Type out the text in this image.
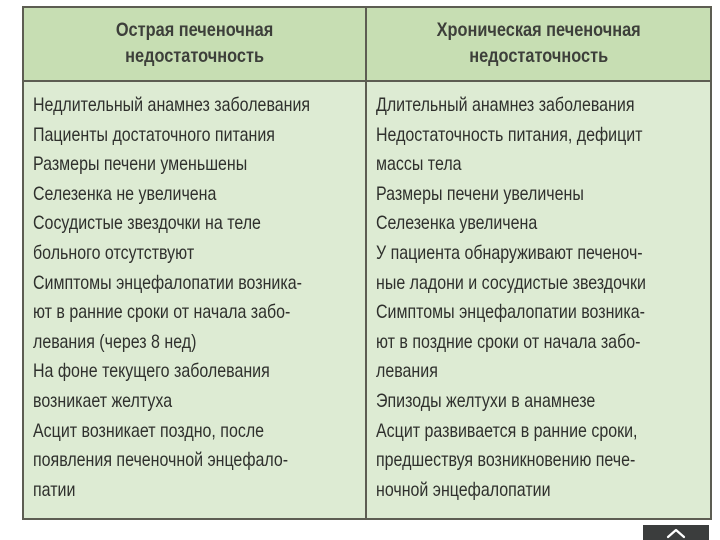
Острая печеночная
недостаточность
Хроническая печеночная
недостаточность
Недлительный анамнез заболевания
Пациенты достаточного питания
Размеры печени уменьшены
Селезенка не увеличена
Сосудистые звездочки на теле
больного отсутствуют
Симптомы энцефалопатии возника-
ют в ранние сроки от начала забо-
левания (через 8 нед)
На фоне текущего заболевания
возникает желтуха
Асцит возникает поздно, после
появления печеночной энцефало-
патии
Длительный анамнез заболевания
Недостаточность питания, дефицит
массы тела
Размеры печени увеличены
Селезенка увеличена
У пациента обнаруживают печеноч-
ные ладони и сосудистые звездочки
Симптомы энцефалопатии возника-
ют в поздние сроки от начала забо-
левания
Эпизоды желтухи в анамнезе
Асцит развивается в ранние сроки,
предшествуя возникновению пече-
ночной энцефалопатии
